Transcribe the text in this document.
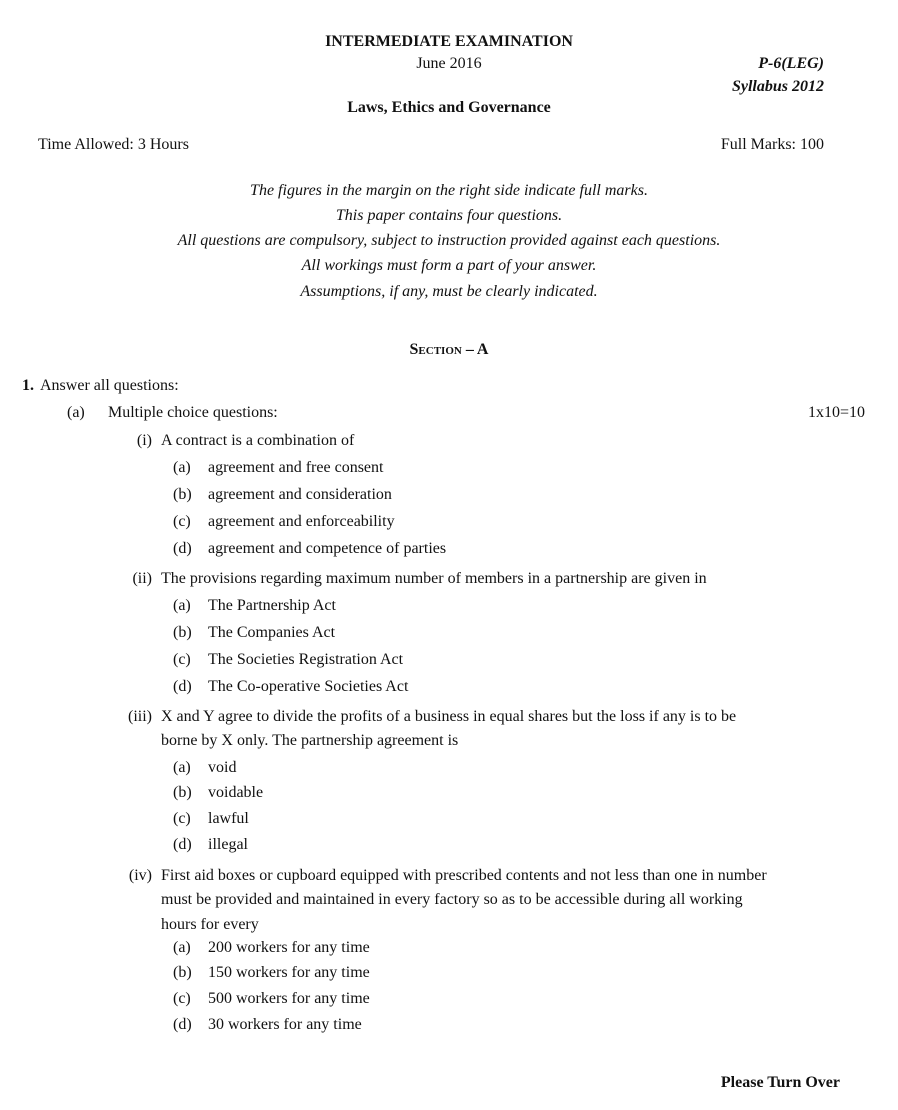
INTERMEDIATE EXAMINATION
June 2016	P-6(LEG)
Syllabus 2012
Laws, Ethics and Governance
Time Allowed: 3 Hours	Full Marks: 100
Section – A
1. Answer all questions:
(a) Multiple choice questions:	1x10=10
Please Turn Over
The figures in the margin on the right side indicate full marks.
This paper contains four questions.
All questions are compulsory, subject to instruction provided against each questions.
All workings must form a part of your answer.
Assumptions, if any, must be clearly indicated.
(i) A contract is a combination of
(a) agreement and free consent
(b) agreement and consideration
(c) agreement and enforceability
(d) agreement and competence of parties
(ii) The provisions regarding maximum number of members in a partnership are given in
(a) The Partnership Act
(b) The Companies Act
(c) The Societies Registration Act
(d) The Co-operative Societies Act
(iii) X and Y agree to divide the profits of a business in equal shares but the loss if any is to be
borne by X only. The partnership agreement is
(a) void
(b) voidable
(c) lawful
(d) illegal
(iv) First aid boxes or cupboard equipped with prescribed contents and not less than one in number
must be provided and maintained in every factory so as to be accessible during all working
hours for every
(a) 200 workers for any time
(b) 150 workers for any time
(c) 500 workers for any time
(d) 30 workers for any time
